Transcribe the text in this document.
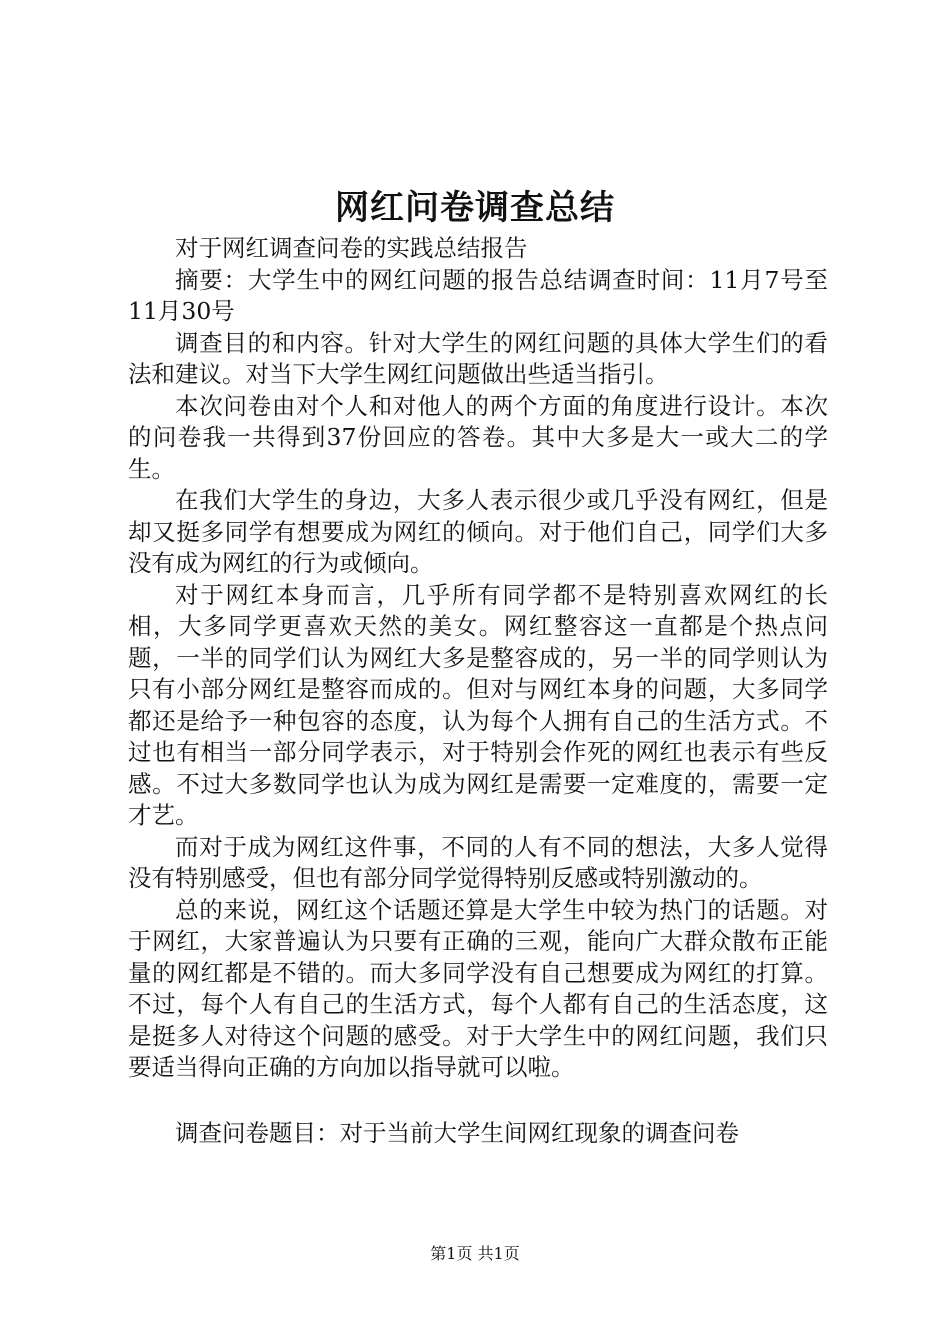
网红问卷调查总结

对于网红调查问卷的实践总结报告

摘要：大学生中的网红问题的报告总结调查时间：11月7号至11月30号

调查目的和内容。针对大学生的网红问题的具体大学生们的看法和建议。对当下大学生网红问题做出些适当指引。

本次问卷由对个人和对他人的两个方面的角度进行设计。本次的问卷我一共得到37份回应的答卷。其中大多是大一或大二的学生。

在我们大学生的身边，大多人表示很少或几乎没有网红，但是却又挺多同学有想要成为网红的倾向。对于他们自己，同学们大多没有成为网红的行为或倾向。

对于网红本身而言，几乎所有同学都不是特别喜欢网红的长相，大多同学更喜欢天然的美女。网红整容这一直都是个热点问题，一半的同学们认为网红大多是整容成的，另一半的同学则认为只有小部分网红是整容而成的。但对与网红本身的问题，大多同学都还是给予一种包容的态度，认为每个人拥有自己的生活方式。不过也有相当一部分同学表示，对于特别会作死的网红也表示有些反感。不过大多数同学也认为成为网红是需要一定难度的，需要一定才艺。

而对于成为网红这件事，不同的人有不同的想法，大多人觉得没有特别感受，但也有部分同学觉得特别反感或特别激动的。

总的来说，网红这个话题还算是大学生中较为热门的话题。对于网红，大家普遍认为只要有正确的三观，能向广大群众散布正能量的网红都是不错的。而大多同学没有自己想要成为网红的打算。不过，每个人有自己的生活方式，每个人都有自己的生活态度，这是挺多人对待这个问题的感受。对于大学生中的网红问题，我们只要适当得向正确的方向加以指导就可以啦。

调查问卷题目：对于当前大学生间网红现象的调查问卷
第1页 共1页
